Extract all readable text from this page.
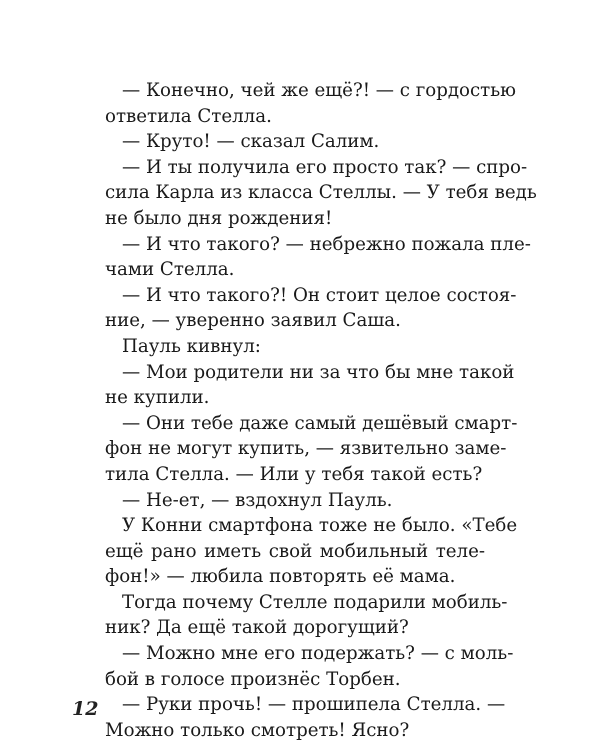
— Конечно, чей же ещё?! — с гордостью
ответила Стелла.
— Круто! — сказал Салим.
— И ты получила его просто так? — спро-
сила Карла из класса Стеллы. — У тебя ведь
не было дня рождения!
— И что такого? — небрежно пожала пле-
чами Стелла.
— И что такого?! Он стоит целое состоя-
ние, — уверенно заявил Саша.
Пауль кивнул:
— Мои родители ни за что бы мне такой
не купили.
— Они тебе даже самый дешёвый смарт-
фон не могут купить, — язвительно заме-
тила Стелла. — Или у тебя такой есть?
— Не-ет, — вздохнул Пауль.
У Конни смартфона тоже не было. «Тебе
ещё рано иметь свой мобильный теле-
фон!» — любила повторять её мама.
Тогда почему Стелле подарили мобиль-
ник? Да ещё такой дорогущий?
— Можно мне его подержать? — с моль-
бой в голосе произнёс Торбен.
— Руки прочь! — прошипела Стелла. —
Можно только смотреть! Ясно?
12
